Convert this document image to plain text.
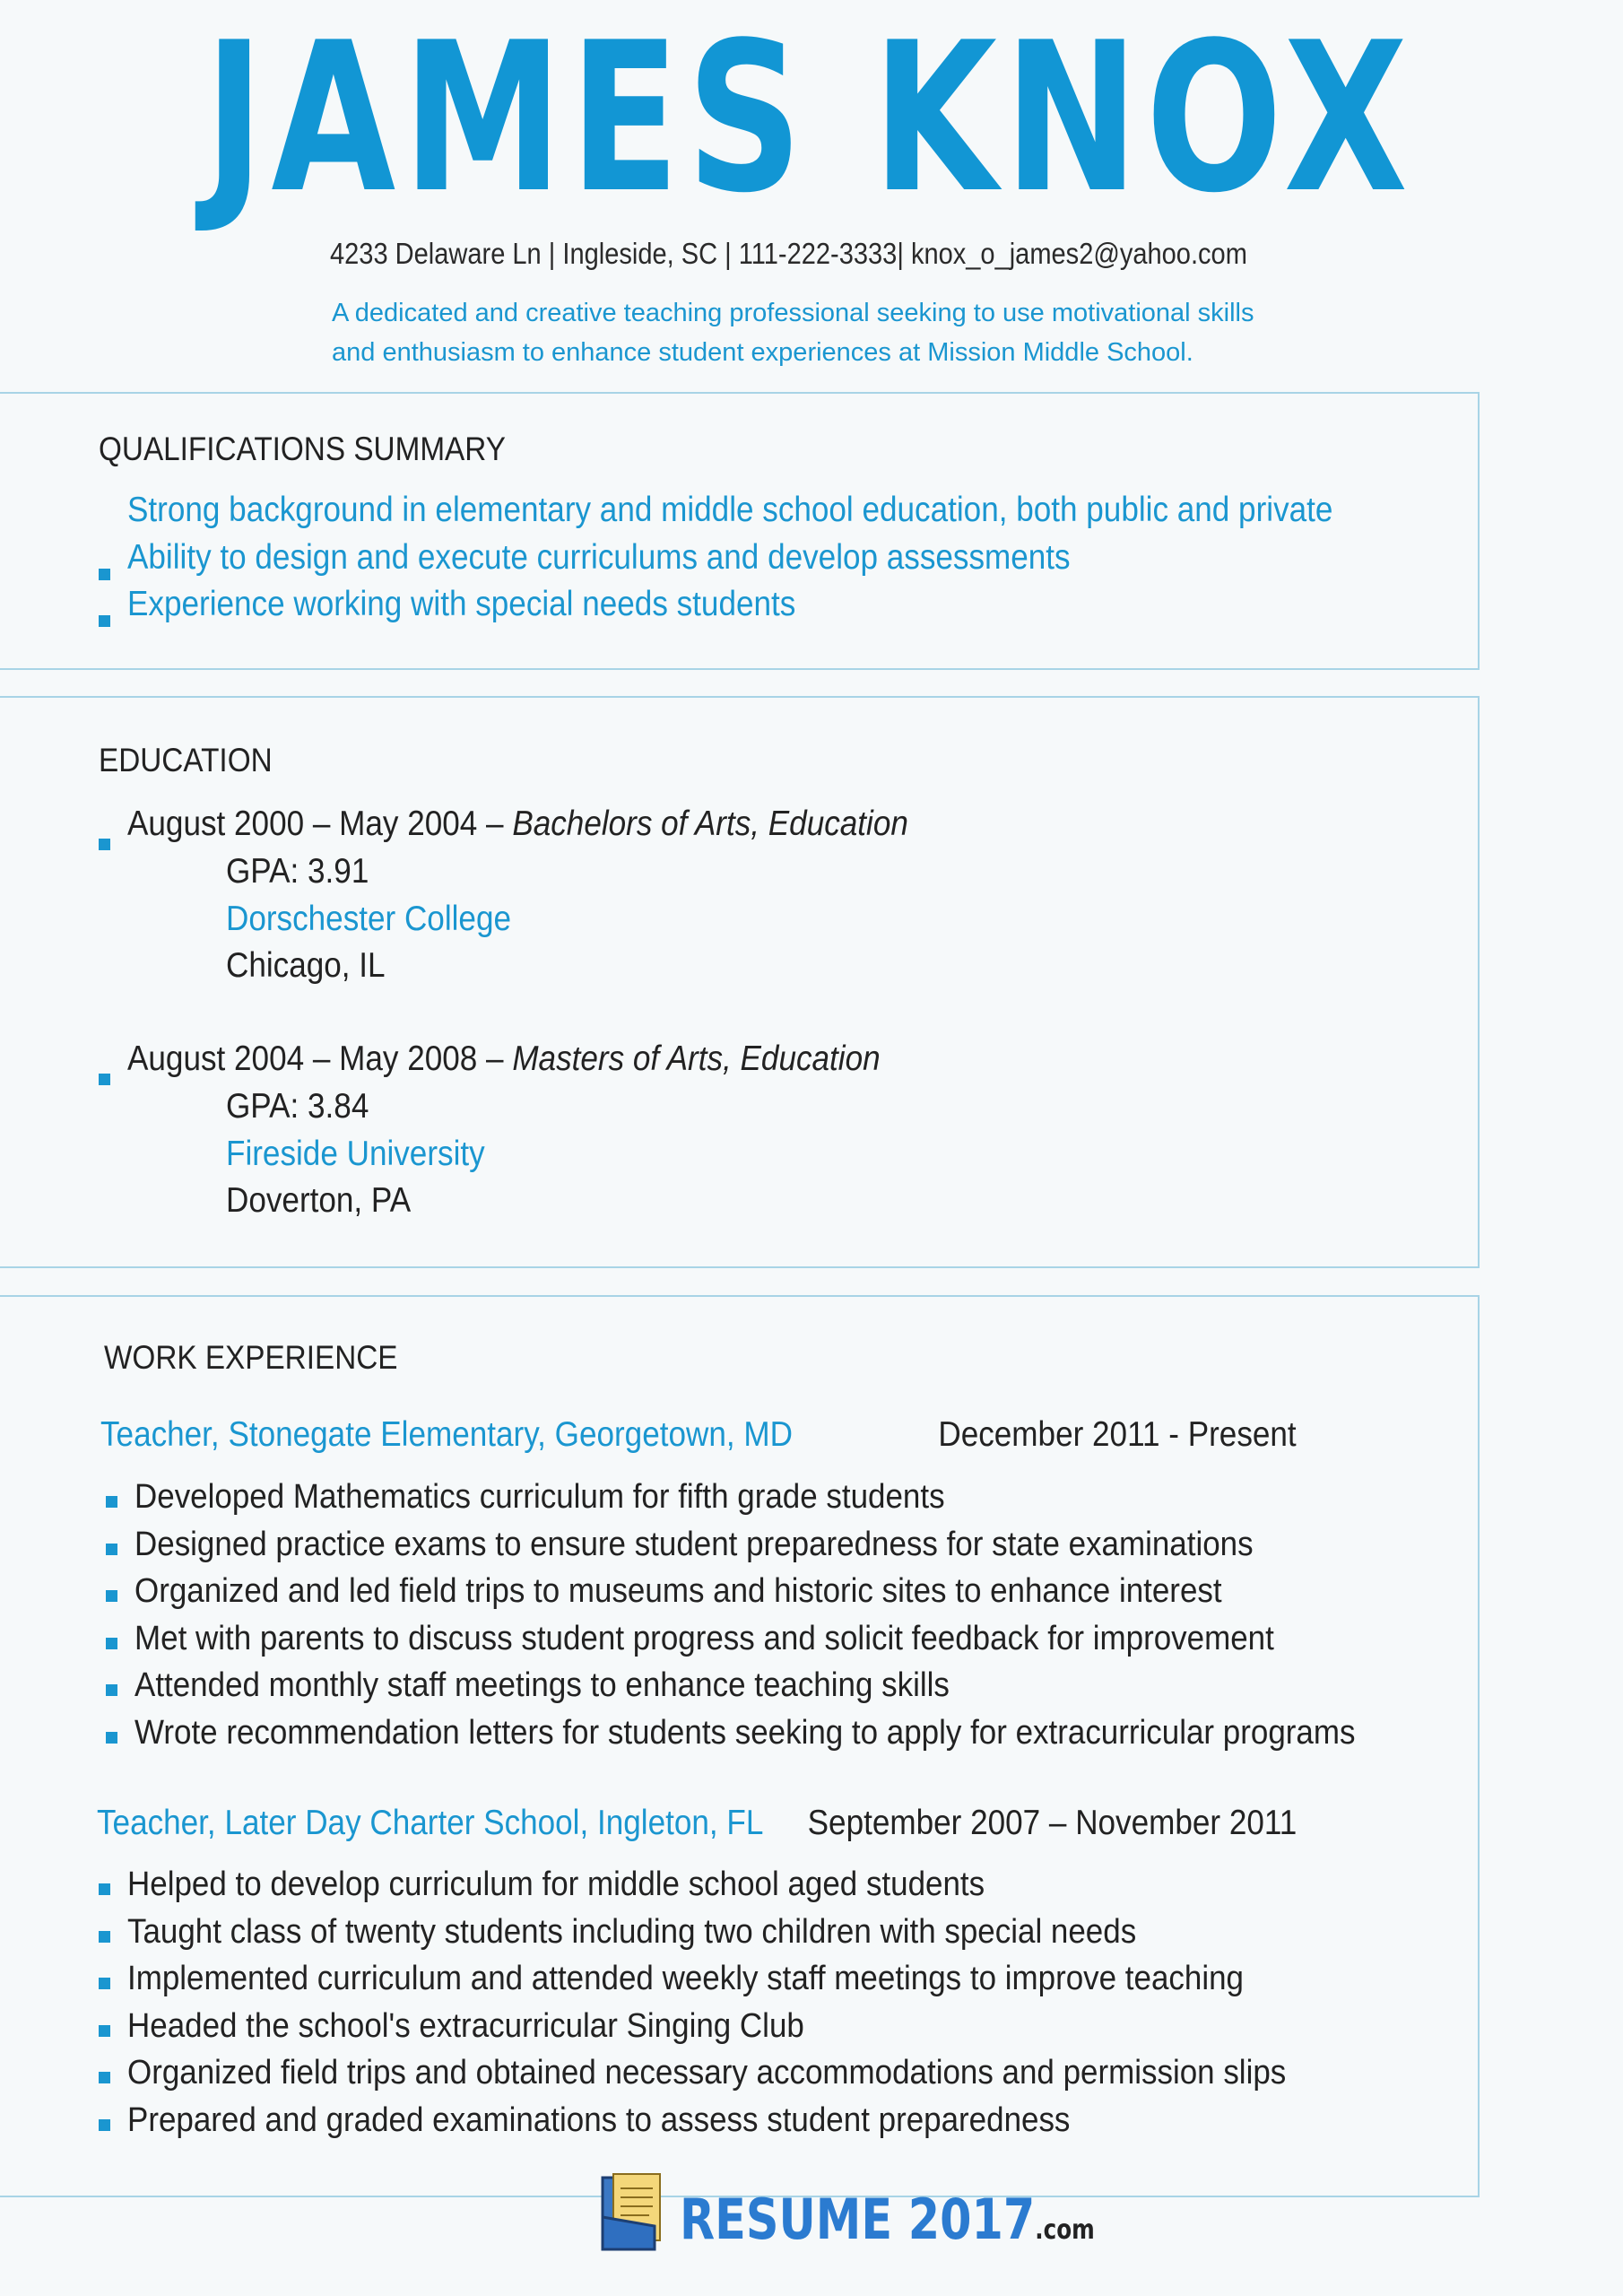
JAMES KNOX
4233 Delaware Ln | Ingleside, SC | 111-222-3333| knox_o_james2@yahoo.com
A dedicated and creative teaching professional seeking to use motivational skills
and enthusiasm to enhance student experiences at Mission Middle School.
QUALIFICATIONS SUMMARY
Strong background in elementary and middle school education, both public and private
Ability to design and execute curriculums and develop assessments
Experience working with special needs students
EDUCATION
August 2000 – May 2004 – Bachelors of Arts, Education
GPA: 3.91
Dorschester College
Chicago, IL
August 2004 – May 2008 – Masters of Arts, Education
GPA: 3.84
Fireside University
Doverton, PA
WORK EXPERIENCE
Teacher, Stonegate Elementary, Georgetown, MD	December 2011 - Present
Developed Mathematics curriculum for fifth grade students
Designed practice exams to ensure student preparedness for state examinations
Organized and led field trips to museums and historic sites to enhance interest
Met with parents to discuss student progress and solicit feedback for improvement
Attended monthly staff meetings to enhance teaching skills
Wrote recommendation letters for students seeking to apply for extracurricular programs
Teacher, Later Day Charter School, Ingleton, FL September 2007 – November 2011
Helped to develop curriculum for middle school aged students
Taught class of twenty students including two children with special needs
Implemented curriculum and attended weekly staff meetings to improve teaching
Headed the school's extracurricular Singing Club
Organized field trips and obtained necessary accommodations and permission slips
Prepared and graded examinations to assess student preparedness
RESUME 2017.com
